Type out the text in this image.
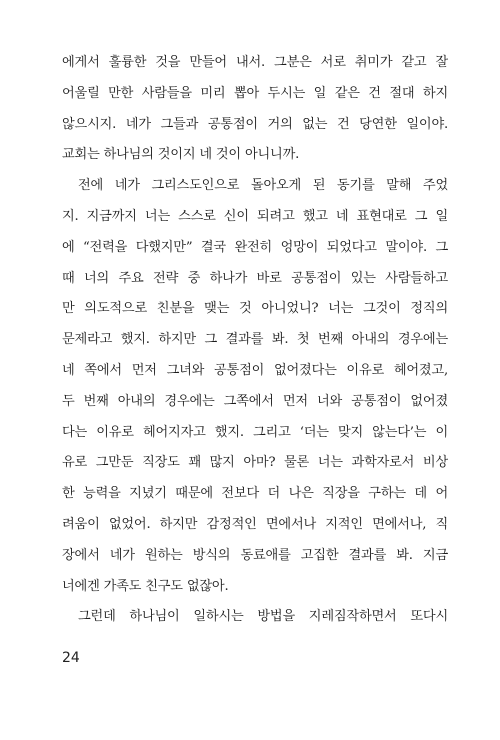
에게서 훌륭한 것을 만들어 내서. 그분은 서로 취미가 같고 잘
어울릴 만한 사람들을 미리 뽑아 두시는 일 같은 건 절대 하지
않으시지. 네가 그들과 공통점이 거의 없는 건 당연한 일이야.
교회는 하나님의 것이지 네 것이 아니니까.
전에 네가 그리스도인으로 돌아오게 된 동기를 말해 주었
지. 지금까지 너는 스스로 신이 되려고 했고 네 표현대로 그 일
에 “전력을 다했지만” 결국 완전히 엉망이 되었다고 말이야. 그
때 너의 주요 전략 중 하나가 바로 공통점이 있는 사람들하고
만 의도적으로 친분을 맺는 것 아니었니? 너는 그것이 정직의
문제라고 했지. 하지만 그 결과를 봐. 첫 번째 아내의 경우에는
네 쪽에서 먼저 그녀와 공통점이 없어졌다는 이유로 헤어졌고,
두 번째 아내의 경우에는 그쪽에서 먼저 너와 공통점이 없어졌
다는 이유로 헤어지자고 했지. 그리고 ‘더는 맞지 않는다’는 이
유로 그만둔 직장도 꽤 많지 아마? 물론 너는 과학자로서 비상
한 능력을 지녔기 때문에 전보다 더 나은 직장을 구하는 데 어
려움이 없었어. 하지만 감정적인 면에서나 지적인 면에서나, 직
장에서 네가 원하는 방식의 동료애를 고집한 결과를 봐. 지금
너에겐 가족도 친구도 없잖아.
그런데 하나님이 일하시는 방법을 지레짐작하면서 또다시
24
